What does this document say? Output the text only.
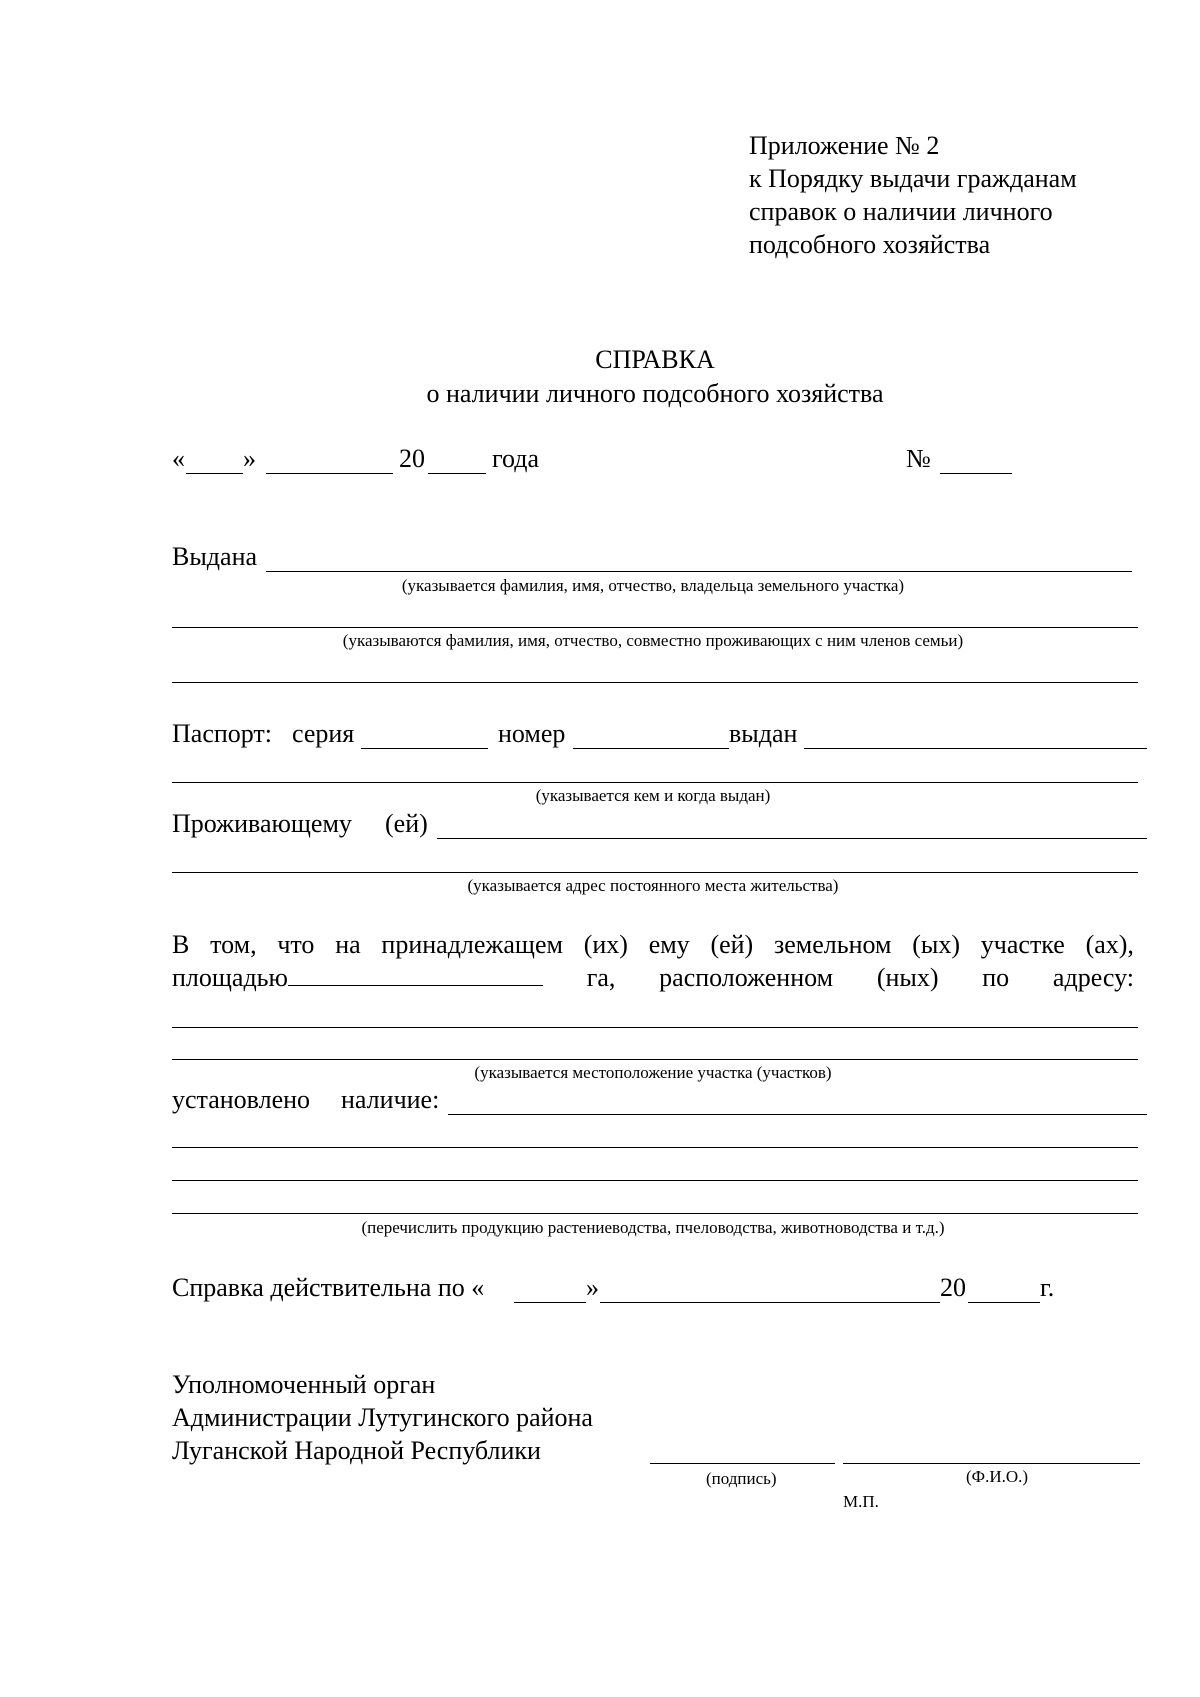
Приложение № 2
к Порядку выдачи гражданам
справок о наличии личного
подсобного хозяйства
СПРАВКА
о наличии личного подсобного хозяйства
« »	20	года	№
Выдана
(указывается фамилия, имя, отчество, владельца земельного участка)
(указываются фамилия, имя, отчество, совместно проживающих с ним членов семьи)
Паспорт: серия	номер	выдан
(указывается кем и когда выдан)
Проживающему (ей)
(указывается адрес постоянного места жительства)
В том, что на принадлежащем (их) ему (ей) земельном (ых) участке (ах),
площадью	га, расположенном (ных) по адресу:
(указывается местоположение участка (участков)
установлено наличие:
(перечислить продукцию растениеводства, пчеловодства, животноводства и т.д.)
Справка действительна по «	»	20	г.
Уполномоченный орган
Администрации Лутугинского района
Луганской Народной Республики
(подпись)	(Ф.И.О.)
М.П.
